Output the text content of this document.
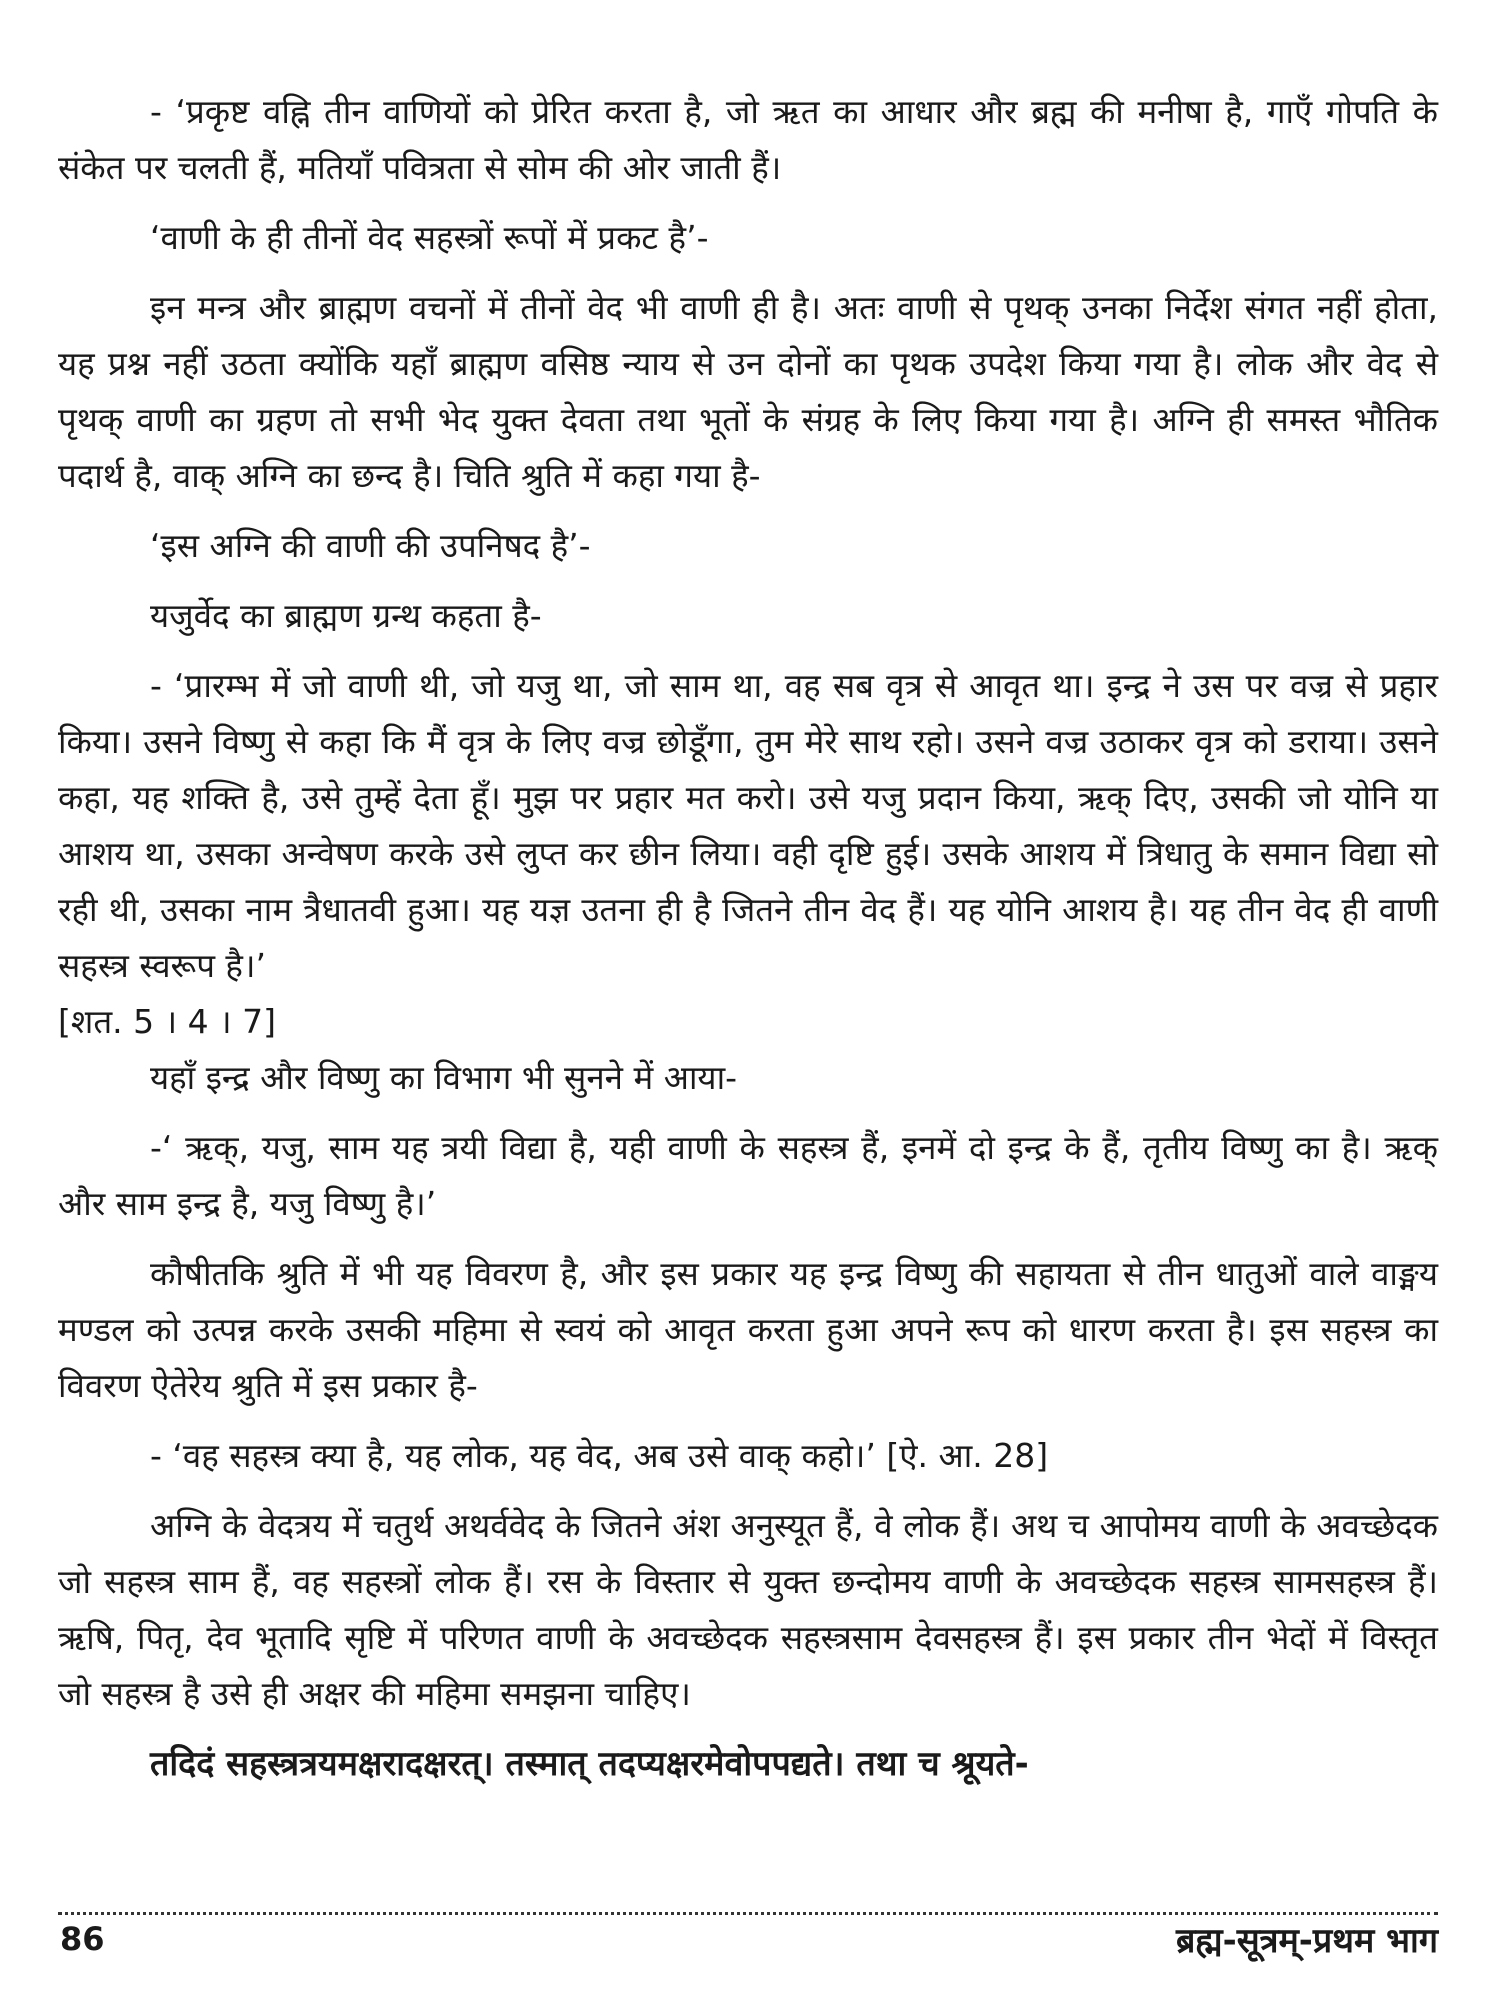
- ‘प्रकृष्ट वह्नि तीन वाणियों को प्रेरित करता है, जो ऋत का आधार और ब्रह्म की मनीषा है, गाएँ गोपति के संकेत पर चलती हैं, मतियाँ पवित्रता से सोम की ओर जाती हैं।

‘वाणी के ही तीनों वेद सहस्त्रों रूपों में प्रकट है’-

इन मन्त्र और ब्राह्मण वचनों में तीनों वेद भी वाणी ही है। अतः वाणी से पृथक् उनका निर्देश संगत नहीं होता, यह प्रश्न नहीं उठता क्योंकि यहाँ ब्राह्मण वसिष्ठ न्याय से उन दोनों का पृथक उपदेश किया गया है। लोक और वेद से पृथक् वाणी का ग्रहण तो सभी भेद युक्त देवता तथा भूतों के संग्रह के लिए किया गया है। अग्नि ही समस्त भौतिक पदार्थ है, वाक् अग्नि का छन्द है। चिति श्रुति में कहा गया है-

‘इस अग्नि की वाणी की उपनिषद है’-

यजुर्वेद का ब्राह्मण ग्रन्थ कहता है-

- ‘प्रारम्भ में जो वाणी थी, जो यजु था, जो साम था, वह सब वृत्र से आवृत था। इन्द्र ने उस पर वज्र से प्रहार किया। उसने विष्णु से कहा कि मैं वृत्र के लिए वज्र छोडूँगा, तुम मेरे साथ रहो। उसने वज्र उठाकर वृत्र को डराया। उसने कहा, यह शक्ति है, उसे तुम्हें देता हूँ। मुझ पर प्रहार मत करो। उसे यजु प्रदान किया, ऋक् दिए, उसकी जो योनि या आशय था, उसका अन्वेषण करके उसे लुप्त कर छीन लिया। वही दृष्टि हुई। उसके आशय में त्रिधातु के समान विद्या सो रही थी, उसका नाम त्रैधातवी हुआ। यह यज्ञ उतना ही है जितने तीन वेद हैं। यह योनि आशय है। यह तीन वेद ही वाणी सहस्त्र स्वरूप है।’

[शत. 5 । 4 । 7]

यहाँ इन्द्र और विष्णु का विभाग भी सुनने में आया-

-‘ ऋक्, यजु, साम यह त्रयी विद्या है, यही वाणी के सहस्त्र हैं, इनमें दो इन्द्र के हैं, तृतीय विष्णु का है। ऋक् और साम इन्द्र है, यजु विष्णु है।’

कौषीतकि श्रुति में भी यह विवरण है, और इस प्रकार यह इन्द्र विष्णु की सहायता से तीन धातुओं वाले वाङ्मय मण्डल को उत्पन्न करके उसकी महिमा से स्वयं को आवृत करता हुआ अपने रूप को धारण करता है। इस सहस्त्र का विवरण ऐतेरेय श्रुति में इस प्रकार है-

- ‘वह सहस्त्र क्या है, यह लोक, यह वेद, अब उसे वाक् कहो।’ [ऐ. आ. 28]

अग्नि के वेदत्रय में चतुर्थ अथर्ववेद के जितने अंश अनुस्यूत हैं, वे लोक हैं। अथ च आपोमय वाणी के अवच्छेदक जो सहस्त्र साम हैं, वह सहस्त्रों लोक हैं। रस के विस्तार से युक्त छन्दोमय वाणी के अवच्छेदक सहस्त्र सामसहस्त्र हैं। ऋषि, पितृ, देव भूतादि सृष्टि में परिणत वाणी के अवच्छेदक सहस्त्रसाम देवसहस्त्र हैं। इस प्रकार तीन भेदों में विस्तृत जो सहस्त्र है उसे ही अक्षर की महिमा समझना चाहिए।

तदिदं सहस्त्रत्रयमक्षरादक्षरत्। तस्मात् तदप्यक्षरमेवोपपद्यते। तथा च श्रूयते-

86	ब्रह्म-सूत्रम्-प्रथम भाग
